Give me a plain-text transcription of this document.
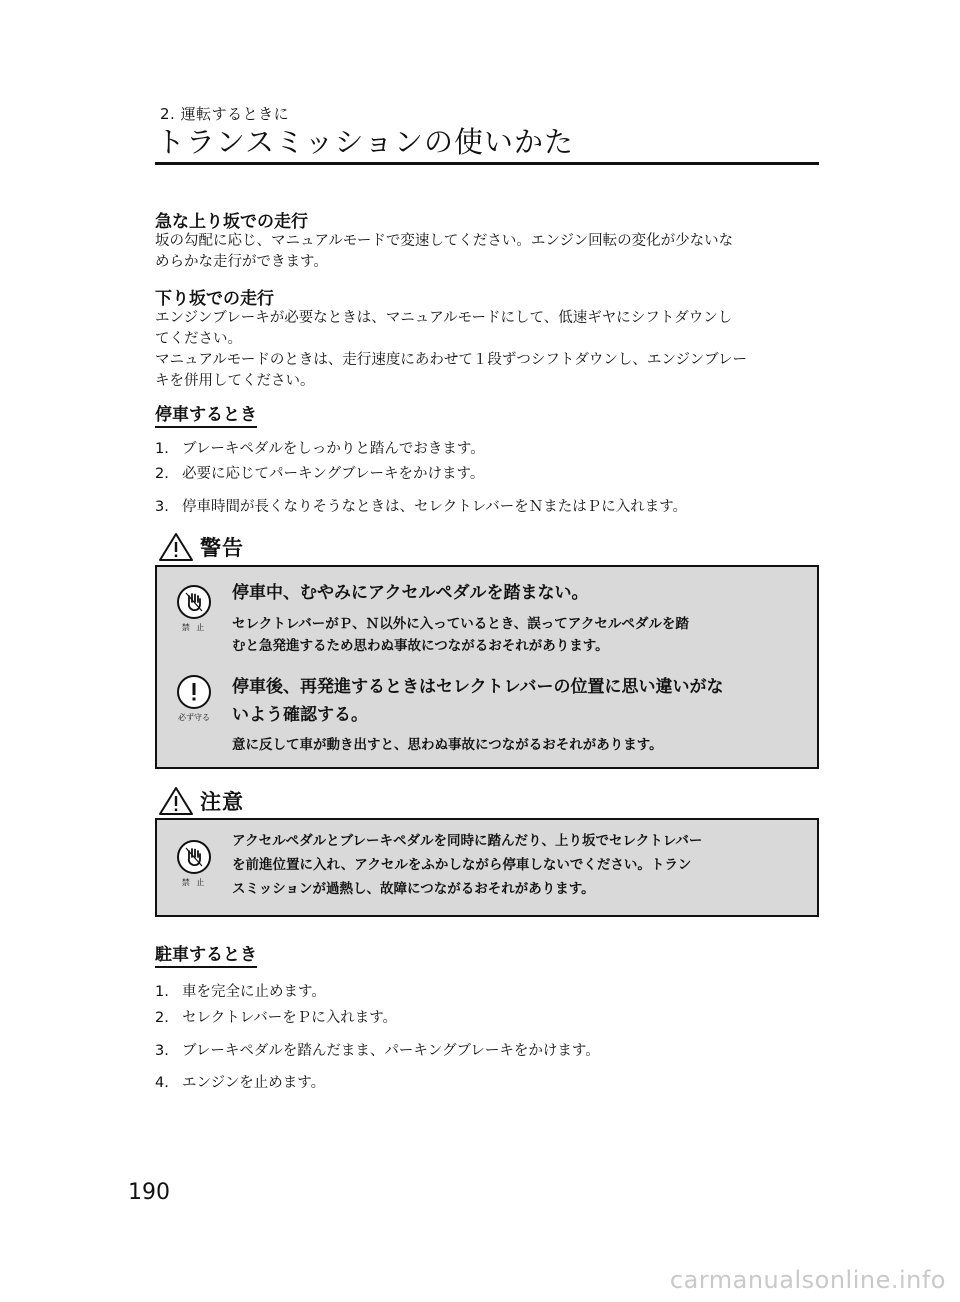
2. 運転するときに
トランスミッションの使いかた
急な上り坂での走行
坂の勾配に応じ、マニュアルモードで変速してください。エンジン回転の変化が少ないな
めらかな走行ができます。
下り坂での走行
エンジンブレーキが必要なときは、マニュアルモードにして、低速ギヤにシフトダウンし
てください。
マニュアルモードのときは、走行速度にあわせて１段ずつシフトダウンし、エンジンブレー
キを併用してください。
停車するとき
1. ブレーキペダルをしっかりと踏んでおきます。
2. 必要に応じてパーキングブレーキをかけます。
3. 停車時間が長くなりそうなときは、セレクトレバーをＮまたはＰに入れます。
警告
禁 止
停車中、むやみにアクセルペダルを踏まない。
セレクトレバーがＰ、Ｎ以外に入っているとき、誤ってアクセルペダルを踏
むと急発進するため思わぬ事故につながるおそれがあります。
必ず守る
停車後、再発進するときはセレクトレバーの位置に思い違いがな
いよう確認する。
意に反して車が動き出すと、思わぬ事故につながるおそれがあります。
注意
禁 止
アクセルペダルとブレーキペダルを同時に踏んだり、上り坂でセレクトレバー
を前進位置に入れ、アクセルをふかしながら停車しないでください。トラン
スミッションが過熱し、故障につながるおそれがあります。
駐車するとき
1. 車を完全に止めます。
2. セレクトレバーをＰに入れます。
3. ブレーキペダルを踏んだまま、パーキングブレーキをかけます。
4. エンジンを止めます。
190
carmanualsonline.info
